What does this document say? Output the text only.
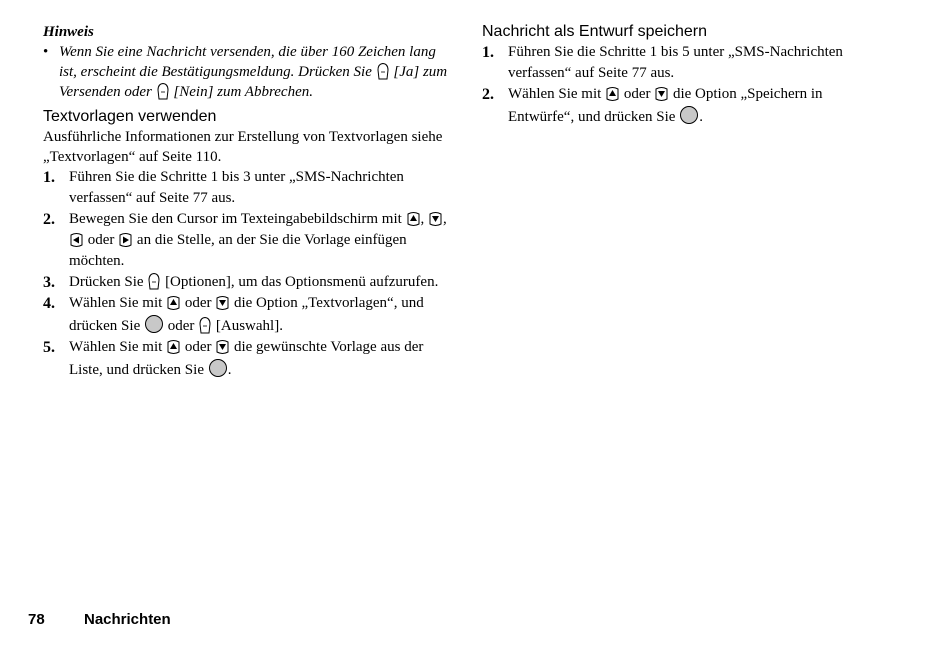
Hinweis

• Wenn Sie eine Nachricht versenden, die über 160 Zeichen lang ist, erscheint die Bestätigungsmeldung. Drücken Sie [Ja] zum Versenden oder [Nein] zum Abbrechen.

Textvorlagen verwenden

Ausführliche Informationen zur Erstellung von Textvorlagen siehe „Textvorlagen“ auf Seite 110.

1. Führen Sie die Schritte 1 bis 3 unter „SMS-Nachrichten verfassen“ auf Seite 77 aus.
2. Bewegen Sie den Cursor im Texteingabebildschirm mit , ,
oder an die Stelle, an der Sie die Vorlage einfügen möchten.
3. Drücken Sie [Optionen], um das Optionsmenü aufzurufen.
4. Wählen Sie mit oder die Option „Textvorlagen“, und drücken Sie oder [Auswahl].
5. Wählen Sie mit oder die gewünschte Vorlage aus der Liste, und drücken Sie .

Nachricht als Entwurf speichern

1. Führen Sie die Schritte 1 bis 5 unter „SMS-Nachrichten verfassen“ auf Seite 77 aus.
2. Wählen Sie mit oder die Option „Speichern in Entwürfe“, und drücken Sie .
78	Nachrichten
